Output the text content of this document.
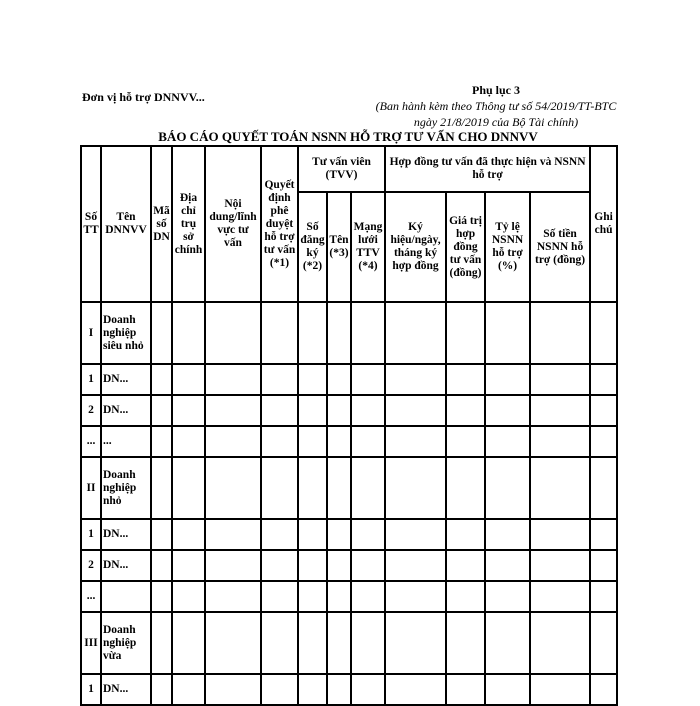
Đơn vị hỗ trợ DNNVV...	Phụ lục 3
(Ban hành kèm theo Thông tư số 54/2019/TT-BTC ngày 21/8/2019 của Bộ Tài chính)
BÁO CÁO QUYẾT TOÁN NSNN HỖ TRỢ TƯ VẤN CHO DNNVV
Số TT	Tên DNNVV	Mã số DN	Địa chỉ trụ sở chính	Nội dung/lĩnh vực tư vấn	Quyết định phê duyệt hỗ trợ tư vấn (*1)	Tư vấn viên (TVV)			Hợp đồng tư vấn đã thực hiện và NSNN hỗ trợ				Ghi chú
						Số đăng ký (*2)	Tên (*3)	Mạng lưới TTV (*4)	Ký hiệu/ngày, tháng ký hợp đồng	Giá trị hợp đồng tư vấn (đồng)	Tỷ lệ NSNN hỗ trợ (%)	Số tiền NSNN hỗ trợ (đồng)	
I	Doanh nghiệp siêu nhỏ												
1	DN...												
2	DN...												
...	...												
II	Doanh nghiệp nhỏ												
1	DN...												
2	DN...												
...													
III	Doanh nghiệp vừa												
1	DN...												
